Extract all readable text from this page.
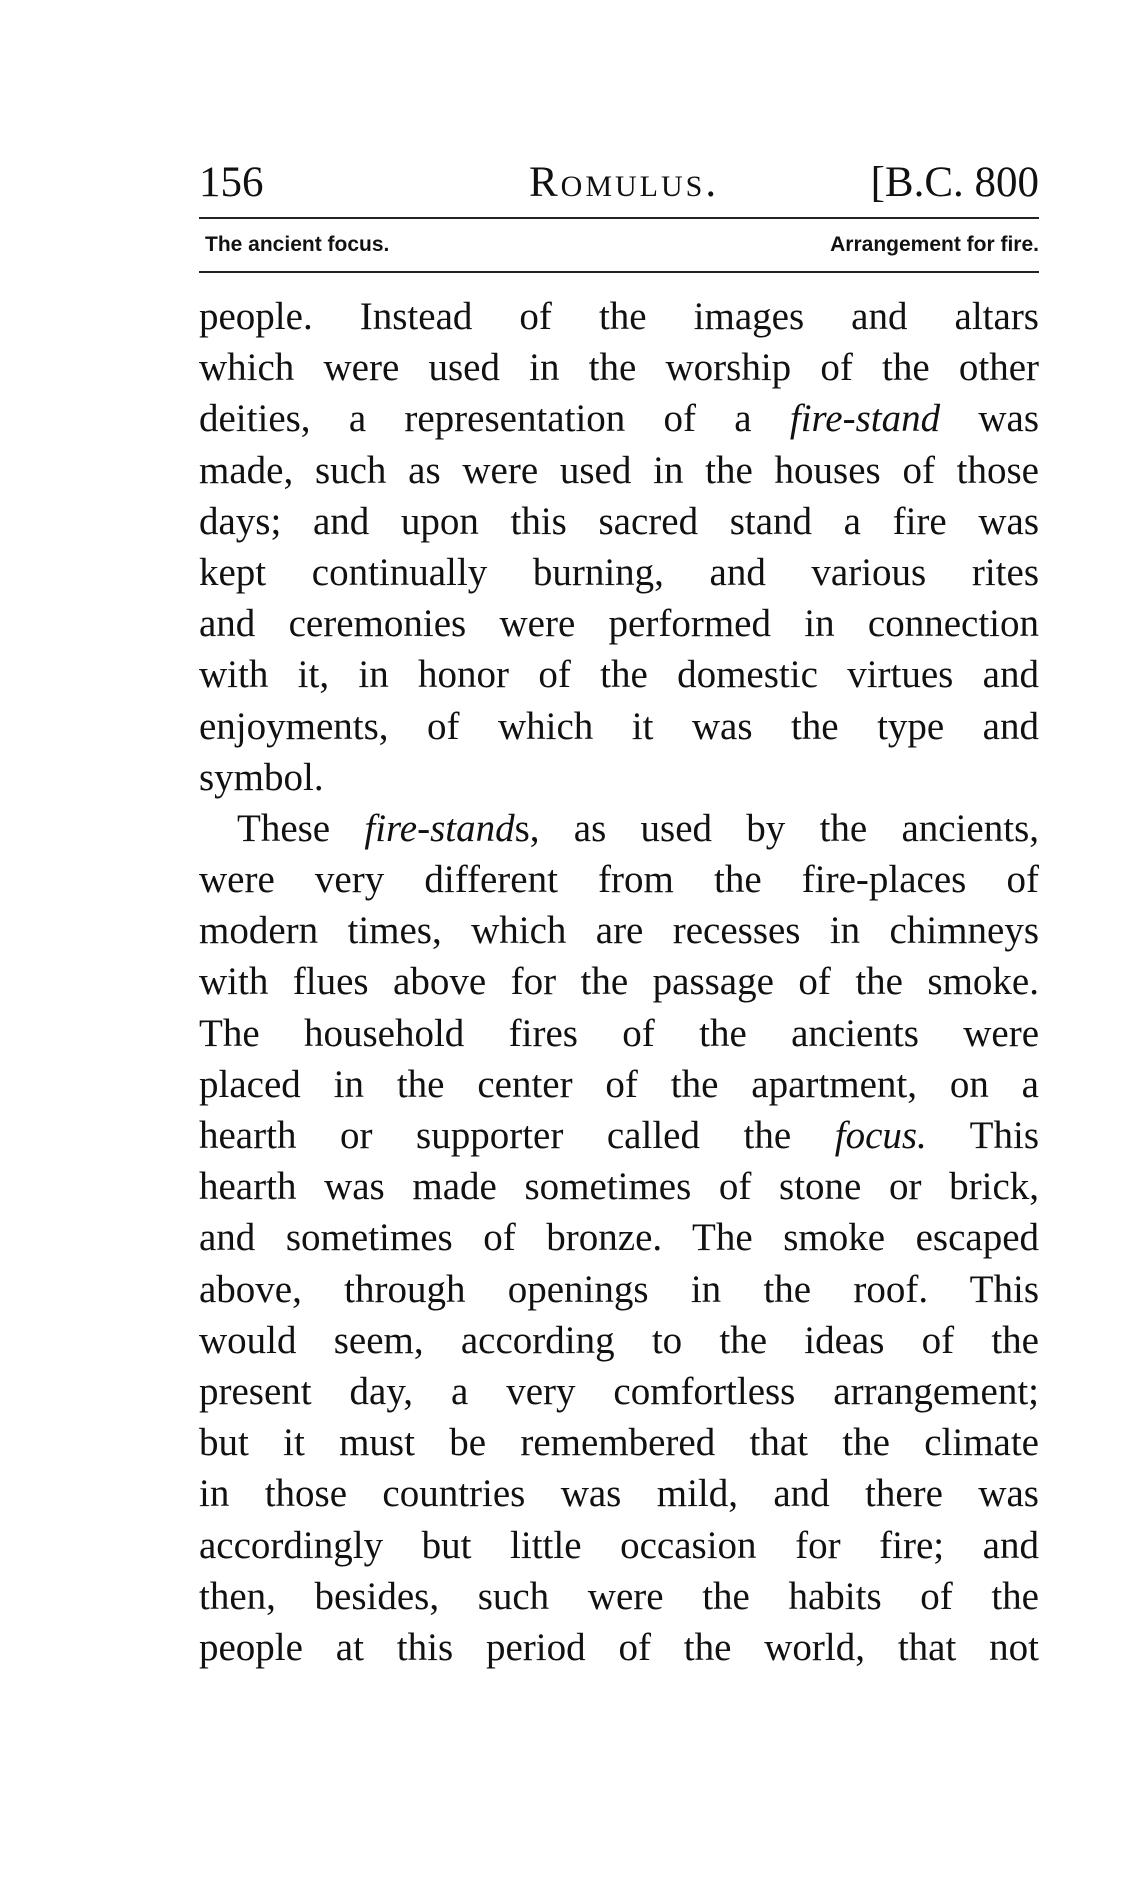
156	Romulus.	[B.C. 800
The ancient focus.	Arrangement for fire.
people. Instead of the images and altars
which were used in the worship of the other
deities, a representation of a fire-stand was
made, such as were used in the houses of those
days; and upon this sacred stand a fire was
kept continually burning, and various rites
and ceremonies were performed in connection
with it, in honor of the domestic virtues and
enjoyments, of which it was the type and
symbol.
These fire-stands, as used by the ancients,
were very different from the fire-places of
modern times, which are recesses in chimneys
with flues above for the passage of the smoke.
The household fires of the ancients were
placed in the center of the apartment, on a
hearth or supporter called the focus. This
hearth was made sometimes of stone or brick,
and sometimes of bronze. The smoke escaped
above, through openings in the roof. This
would seem, according to the ideas of the
present day, a very comfortless arrangement;
but it must be remembered that the climate
in those countries was mild, and there was
accordingly but little occasion for fire; and
then, besides, such were the habits of the
people at this period of the world, that not
